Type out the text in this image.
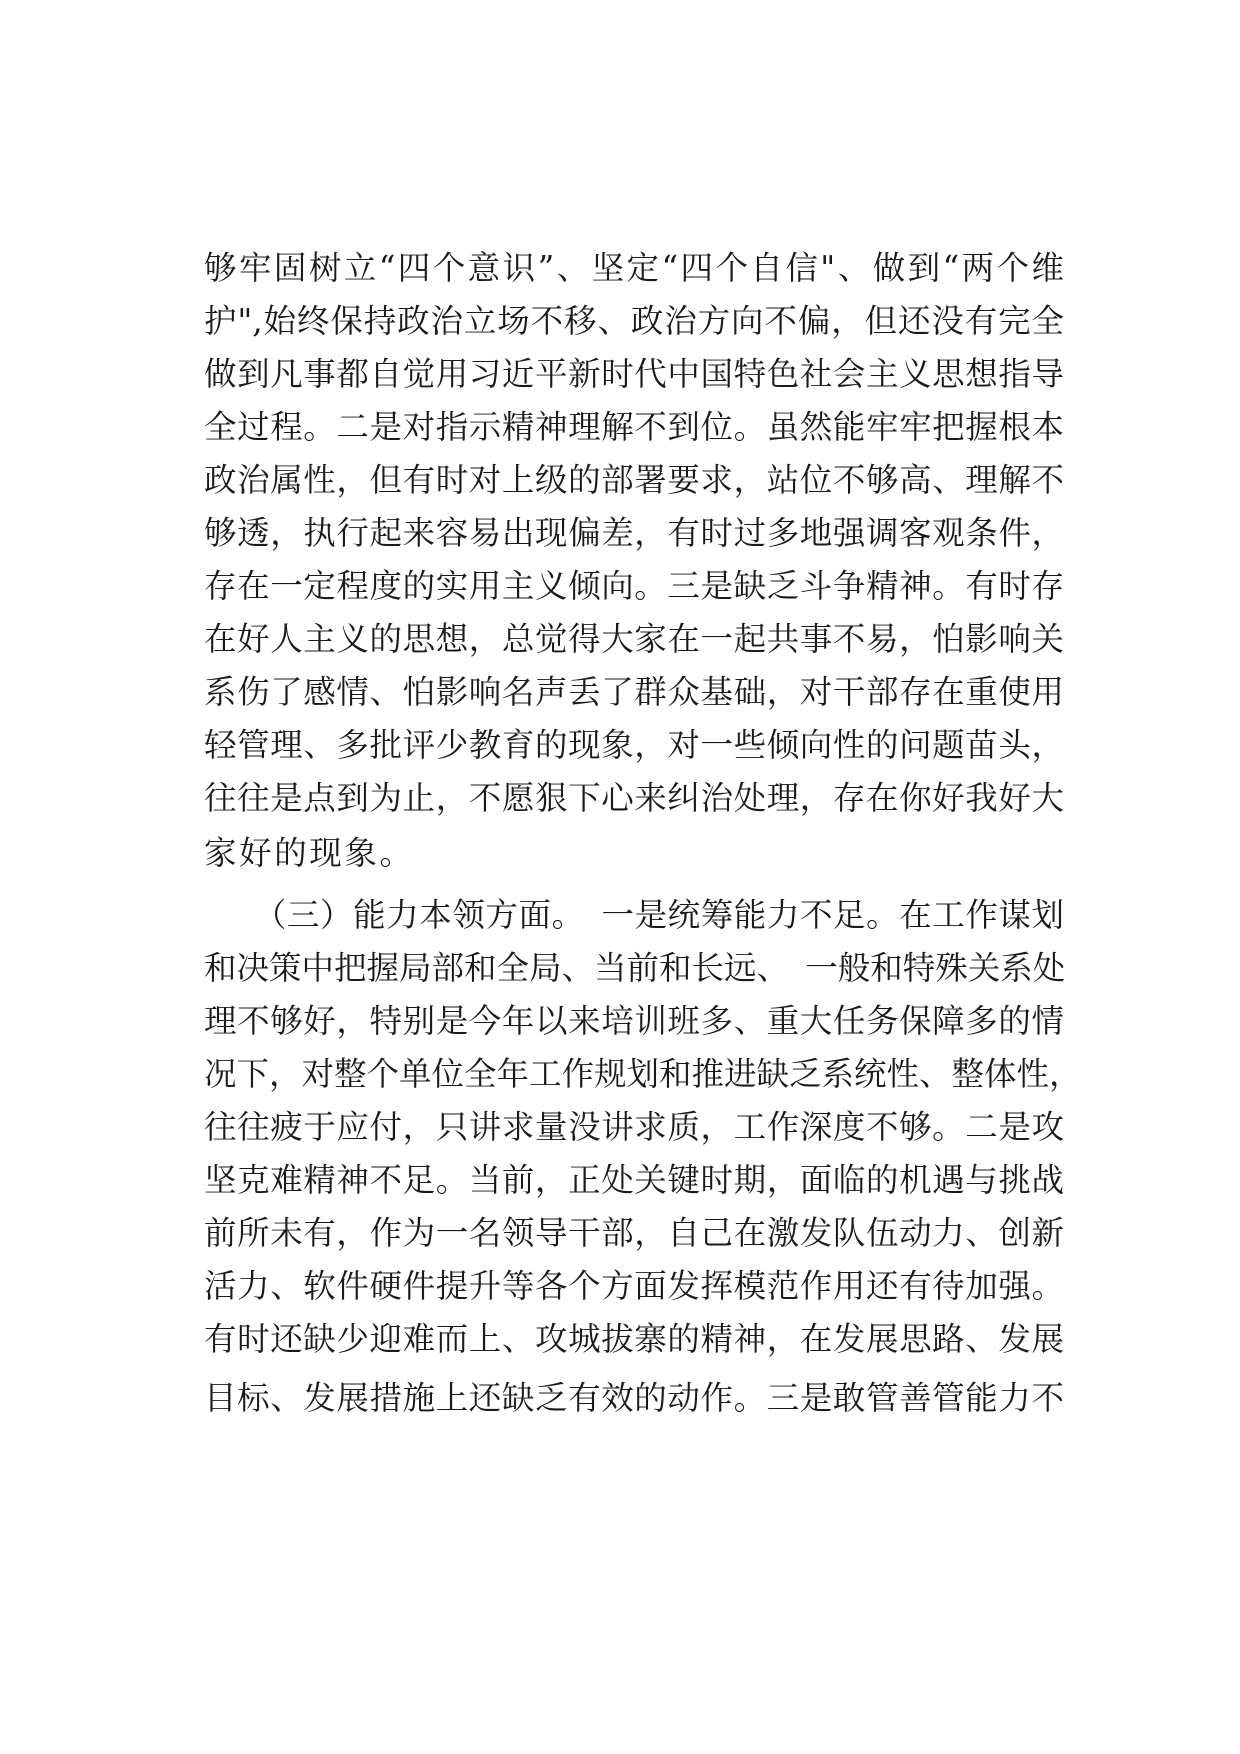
够牢固树立“四个意识”、坚定“四个自信"、做到“两个维
护",始终保持政治立场不移、政治方向不偏，但还没有完全
做到凡事都自觉用习近平新时代中国特色社会主义思想指导
全过程。二是对指示精神理解不到位。虽然能牢牢把握根本
政治属性，但有时对上级的部署要求，站位不够高、理解不
够透，执行起来容易出现偏差，有时过多地强调客观条件，
存在一定程度的实用主义倾向。三是缺乏斗争精神。有时存
在好人主义的思想，总觉得大家在一起共事不易，怕影响关
系伤了感情、怕影响名声丢了群众基础，对干部存在重使用
轻管理、多批评少教育的现象，对一些倾向性的问题苗头，
往往是点到为止，不愿狠下心来纠治处理，存在你好我好大
家好的现象。
　　（三）能力本领方面。　一是统筹能力不足。在工作谋划
和决策中把握局部和全局、当前和长远、　一般和特殊关系处
理不够好，特别是今年以来培训班多、重大任务保障多的情
况下，对整个单位全年工作规划和推进缺乏系统性、整体性，
往往疲于应付，只讲求量没讲求质，工作深度不够。二是攻
坚克难精神不足。当前，正处关键时期，面临的机遇与挑战
前所未有，作为一名领导干部，自己在激发队伍动力、创新
活力、软件硬件提升等各个方面发挥模范作用还有待加强。
有时还缺少迎难而上、攻城拔寨的精神，在发展思路、发展
目标、发展措施上还缺乏有效的动作。三是敢管善管能力不
